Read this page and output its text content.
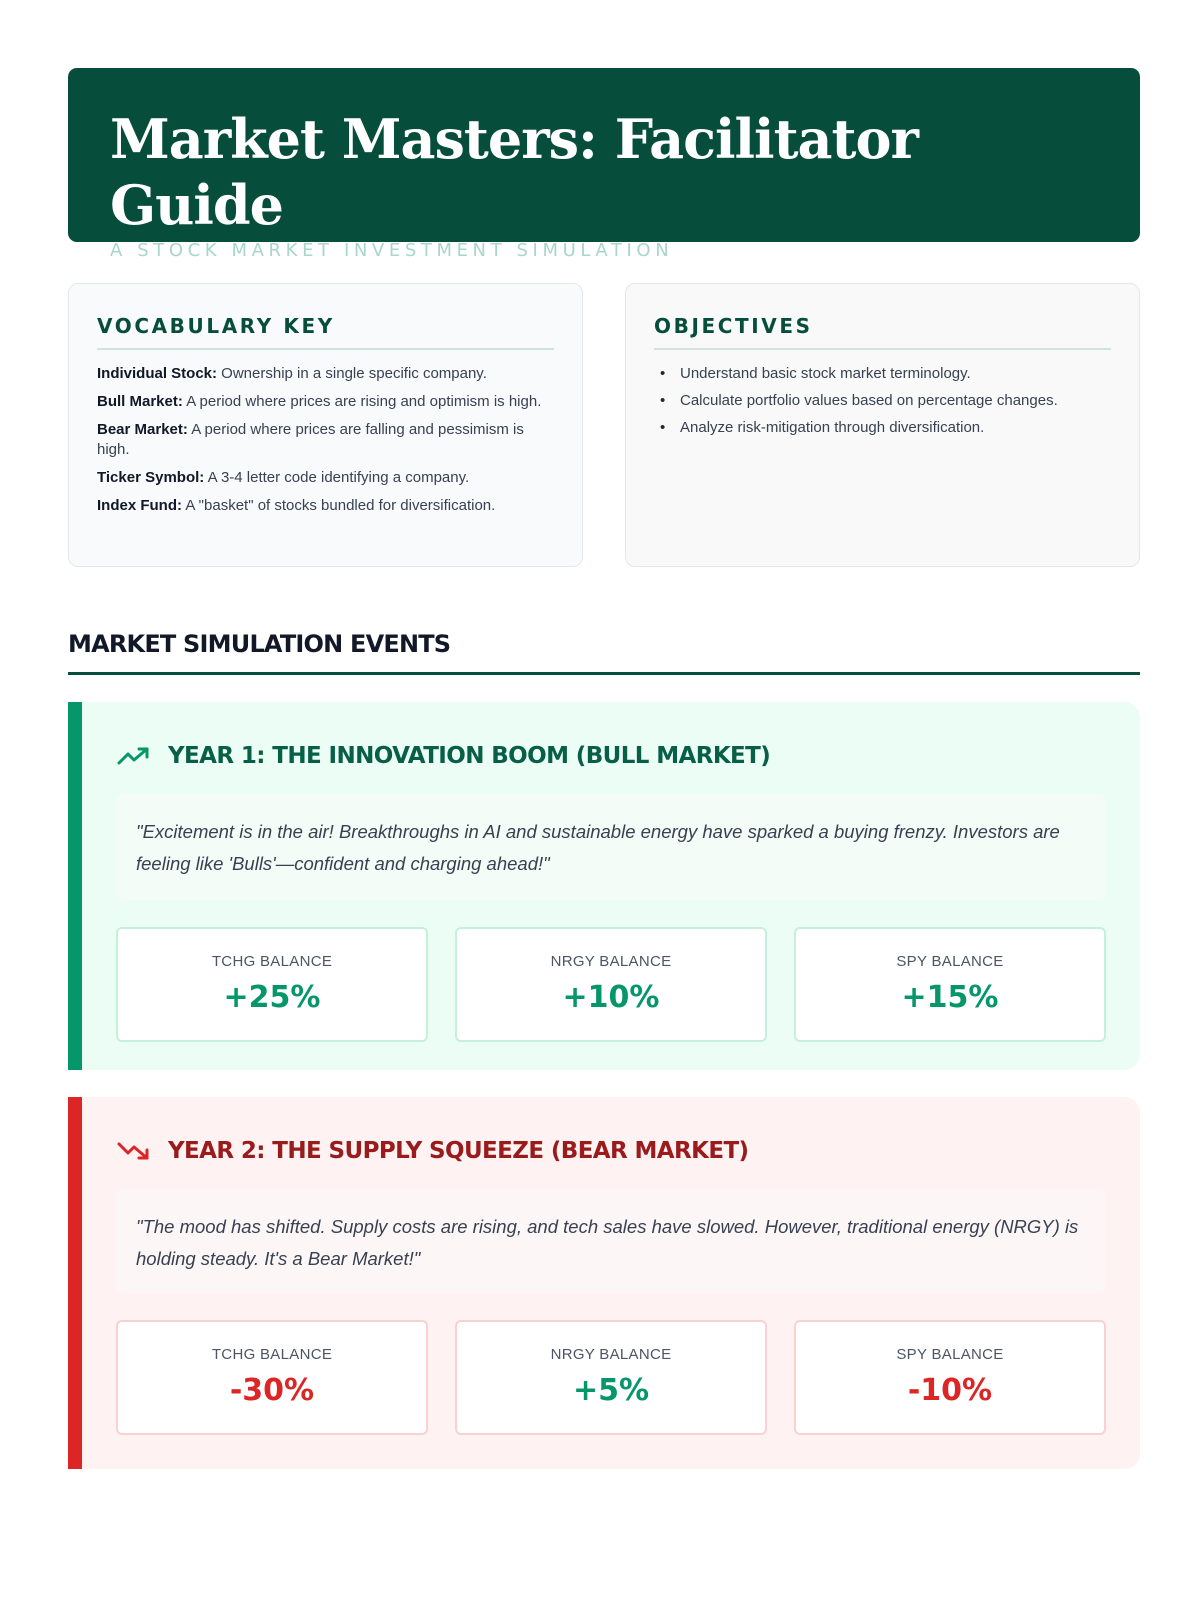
Market Masters: Facilitator Guide
A STOCK MARKET INVESTMENT SIMULATION
VOCABULARY KEY

Individual Stock: Ownership in a single specific company.

Bull Market: A period where prices are rising and optimism is high.

Bear Market: A period where prices are falling and pessimism is high.

Ticker Symbol: A 3-4 letter code identifying a company.

Index Fund: A "basket" of stocks bundled for diversification.

OBJECTIVES
• Understand basic stock market terminology.
• Calculate portfolio values based on percentage changes.
• Analyze risk-mitigation through diversification.
MARKET SIMULATION EVENTS
YEAR 1: THE INNOVATION BOOM (BULL MARKET)

"Excitement is in the air! Breakthroughs in AI and sustainable energy have sparked a buying frenzy. Investors are feeling like 'Bulls'—confident and charging ahead!"

TCHG BALANCE
+25%
NRGY BALANCE
+10%
SPY BALANCE
+15%
YEAR 2: THE SUPPLY SQUEEZE (BEAR MARKET)

"The mood has shifted. Supply costs are rising, and tech sales have slowed. However, traditional energy (NRGY) is holding steady. It's a Bear Market!"

TCHG BALANCE
-30%
NRGY BALANCE
+5%
SPY BALANCE
-10%
